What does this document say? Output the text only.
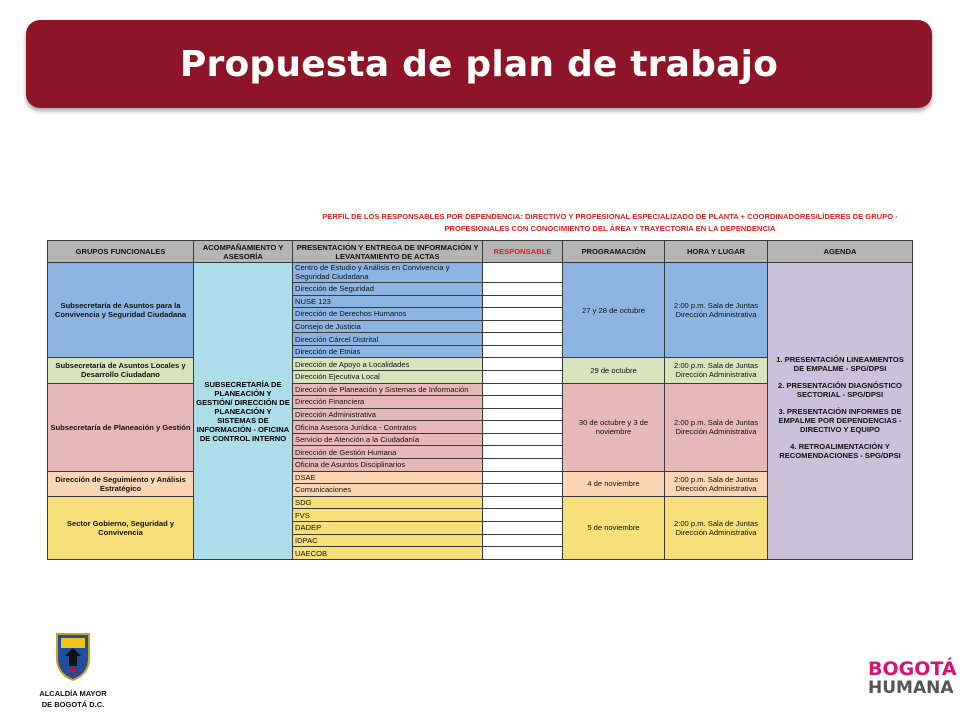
Propuesta de plan de trabajo
PERFIL DE LOS RESPONSABLES POR DEPENDENCIA: DIRECTIVO Y PROFESIONAL ESPECIALIZADO DE PLANTA + COORDINADORES/LÍDERES DE GRUPO - PROFESIONALES CON CONOCIMIENTO DEL ÁREA Y TRAYECTORIA EN LA DEPENDENCIA
GRUPOS FUNCIONALES	ACOMPAÑAMIENTO Y ASESORÍA	PRESENTACIÓN Y ENTREGA DE INFORMACIÓN Y LEVANTAMIENTO DE ACTAS	RESPONSABLE	PROGRAMACIÓN	HORA Y LUGAR	AGENDA
Subsecretaría de Asuntos para la Convivencia y Seguridad Ciudadana	SUBSECRETARÍA DE PLANEACIÓN Y GESTIÓN/ DIRECCIÓN DE PLANEACIÓN Y SISTEMAS DE INFORMACIÓN - OFICINA DE CONTROL INTERNO	Centro de Estudio y Análisis en Convivencia y Seguridad Ciudadana		27 y 28 de octubre	2:00 p.m. Sala de Juntas Dirección Administrativa	1. PRESENTACIÓN LINEAMIENTOS DE EMPALME - SPG/DPSI

2. PRESENTACIÓN DIAGNÓSTICO SECTORIAL - SPG/DPSI

3. PRESENTACIÓN INFORMES DE EMPALME POR DEPENDENCIAS - DIRECTIVO Y EQUIPO

4. RETROALIMENTACIÓN Y RECOMENDACIONES - SPG/DPSI

		Dirección de Seguridad				
		NUSE 123				
		Dirección de Derechos Humanos				
		Consejo de Justicia				
		Dirección Cárcel Distrital				
		Dirección de Etnias				
Subsecretaría de Asuntos Locales y Desarrollo Ciudadano		Dirección de Apoyo a Localidades		29 de octubre	2:00 p.m. Sala de Juntas Dirección Administrativa	
		Dirección Ejecutiva Local				
Subsecretaría de Planeación y Gestión		Dirección de Planeación y Sistemas de Información		30 de octubre y 3 de noviembre	2:00 p.m. Sala de Juntas Dirección Administrativa	
		Dirección Financiera				
		Dirección Administrativa				
		Oficina Asesora Jurídica - Contratos				
		Servicio de Atención a la Ciudadanía				
		Dirección de Gestión Humana				
		Oficina de Asuntos Disciplinarios				
Dirección de Seguimiento y Análisis Estratégico		DSAE		4 de noviembre	2:00 p.m. Sala de Juntas Dirección Administrativa	
		Comunicaciones				
Sector Gobierno, Seguridad y Convivencia		SDG		5 de noviembre	2:00 p.m. Sala de Juntas Dirección Administrativa	
		FVS				
		DADEP				
		IDPAC				
		UAECOB				
ALCALDÍA MAYOR
DE BOGOTÁ D.C.
BOGOTÁ
HUMANA
